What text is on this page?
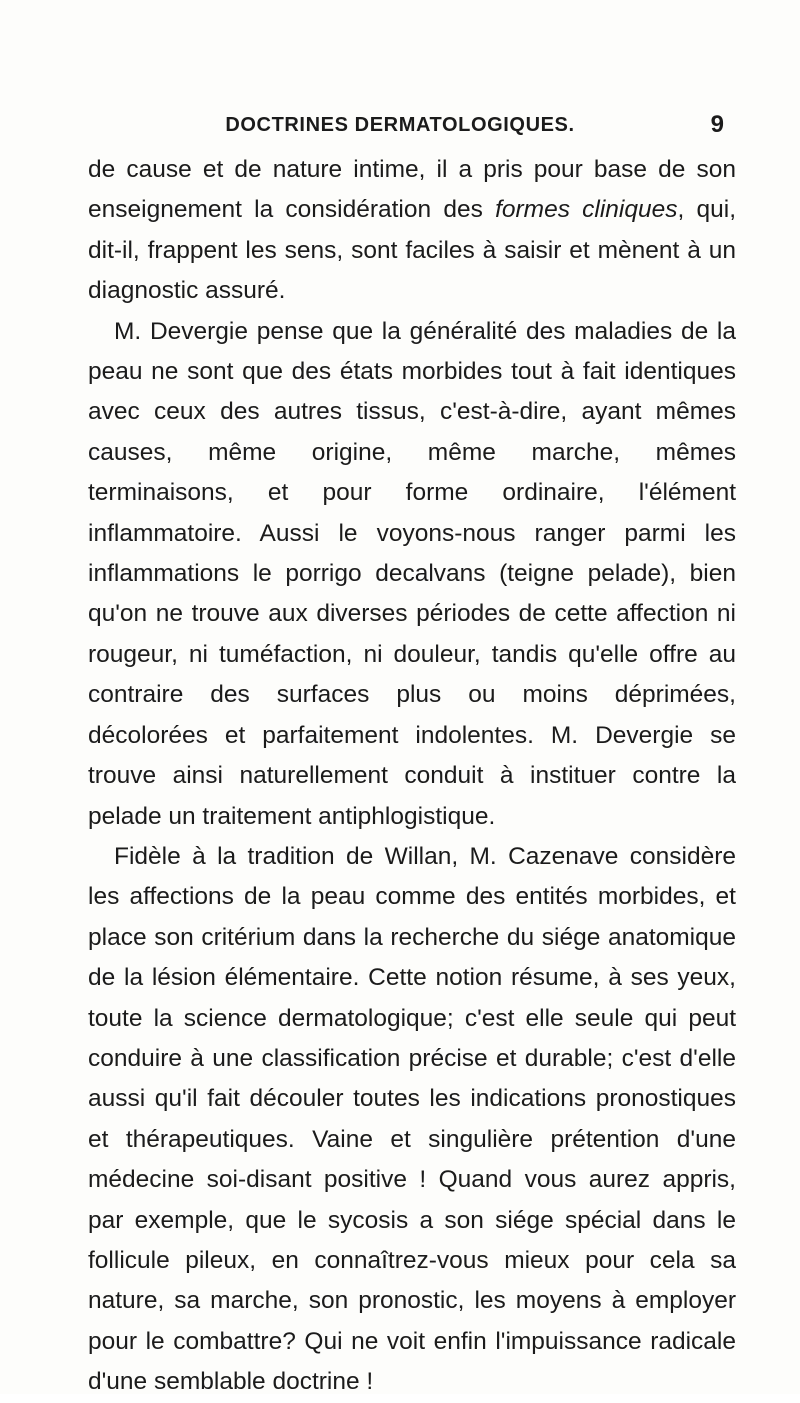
DOCTRINES DERMATOLOGIQUES.	9

de cause et de nature intime, il a pris pour base de son enseignement la considération des formes cliniques, qui, dit-il, frappent les sens, sont faciles à saisir et mènent à un diagnostic assuré.

M. Devergie pense que la généralité des maladies de la peau ne sont que des états morbides tout à fait identiques avec ceux des autres tissus, c'est-à-dire, ayant mêmes causes, même origine, même marche, mêmes terminaisons, et pour forme ordinaire, l'élément inflammatoire. Aussi le voyons-nous ranger parmi les inflammations le porrigo decalvans (teigne pelade), bien qu'on ne trouve aux diverses périodes de cette affection ni rougeur, ni tuméfaction, ni douleur, tandis qu'elle offre au contraire des surfaces plus ou moins déprimées, décolorées et parfaitement indolentes. M. Devergie se trouve ainsi naturellement conduit à instituer contre la pelade un traitement antiphlogistique.

Fidèle à la tradition de Willan, M. Cazenave considère les affections de la peau comme des entités morbides, et place son critérium dans la recherche du siége anatomique de la lésion élémentaire. Cette notion résume, à ses yeux, toute la science dermatologique; c'est elle seule qui peut conduire à une classification précise et durable; c'est d'elle aussi qu'il fait découler toutes les indications pronostiques et thérapeutiques. Vaine et singulière prétention d'une médecine soi-disant positive ! Quand vous aurez appris, par exemple, que le sycosis a son siége spécial dans le follicule pileux, en connaîtrez-vous mieux pour cela sa nature, sa marche, son pronostic, les moyens à employer pour le combattre? Qui ne voit enfin l'impuissance radicale d'une semblable doctrine !
